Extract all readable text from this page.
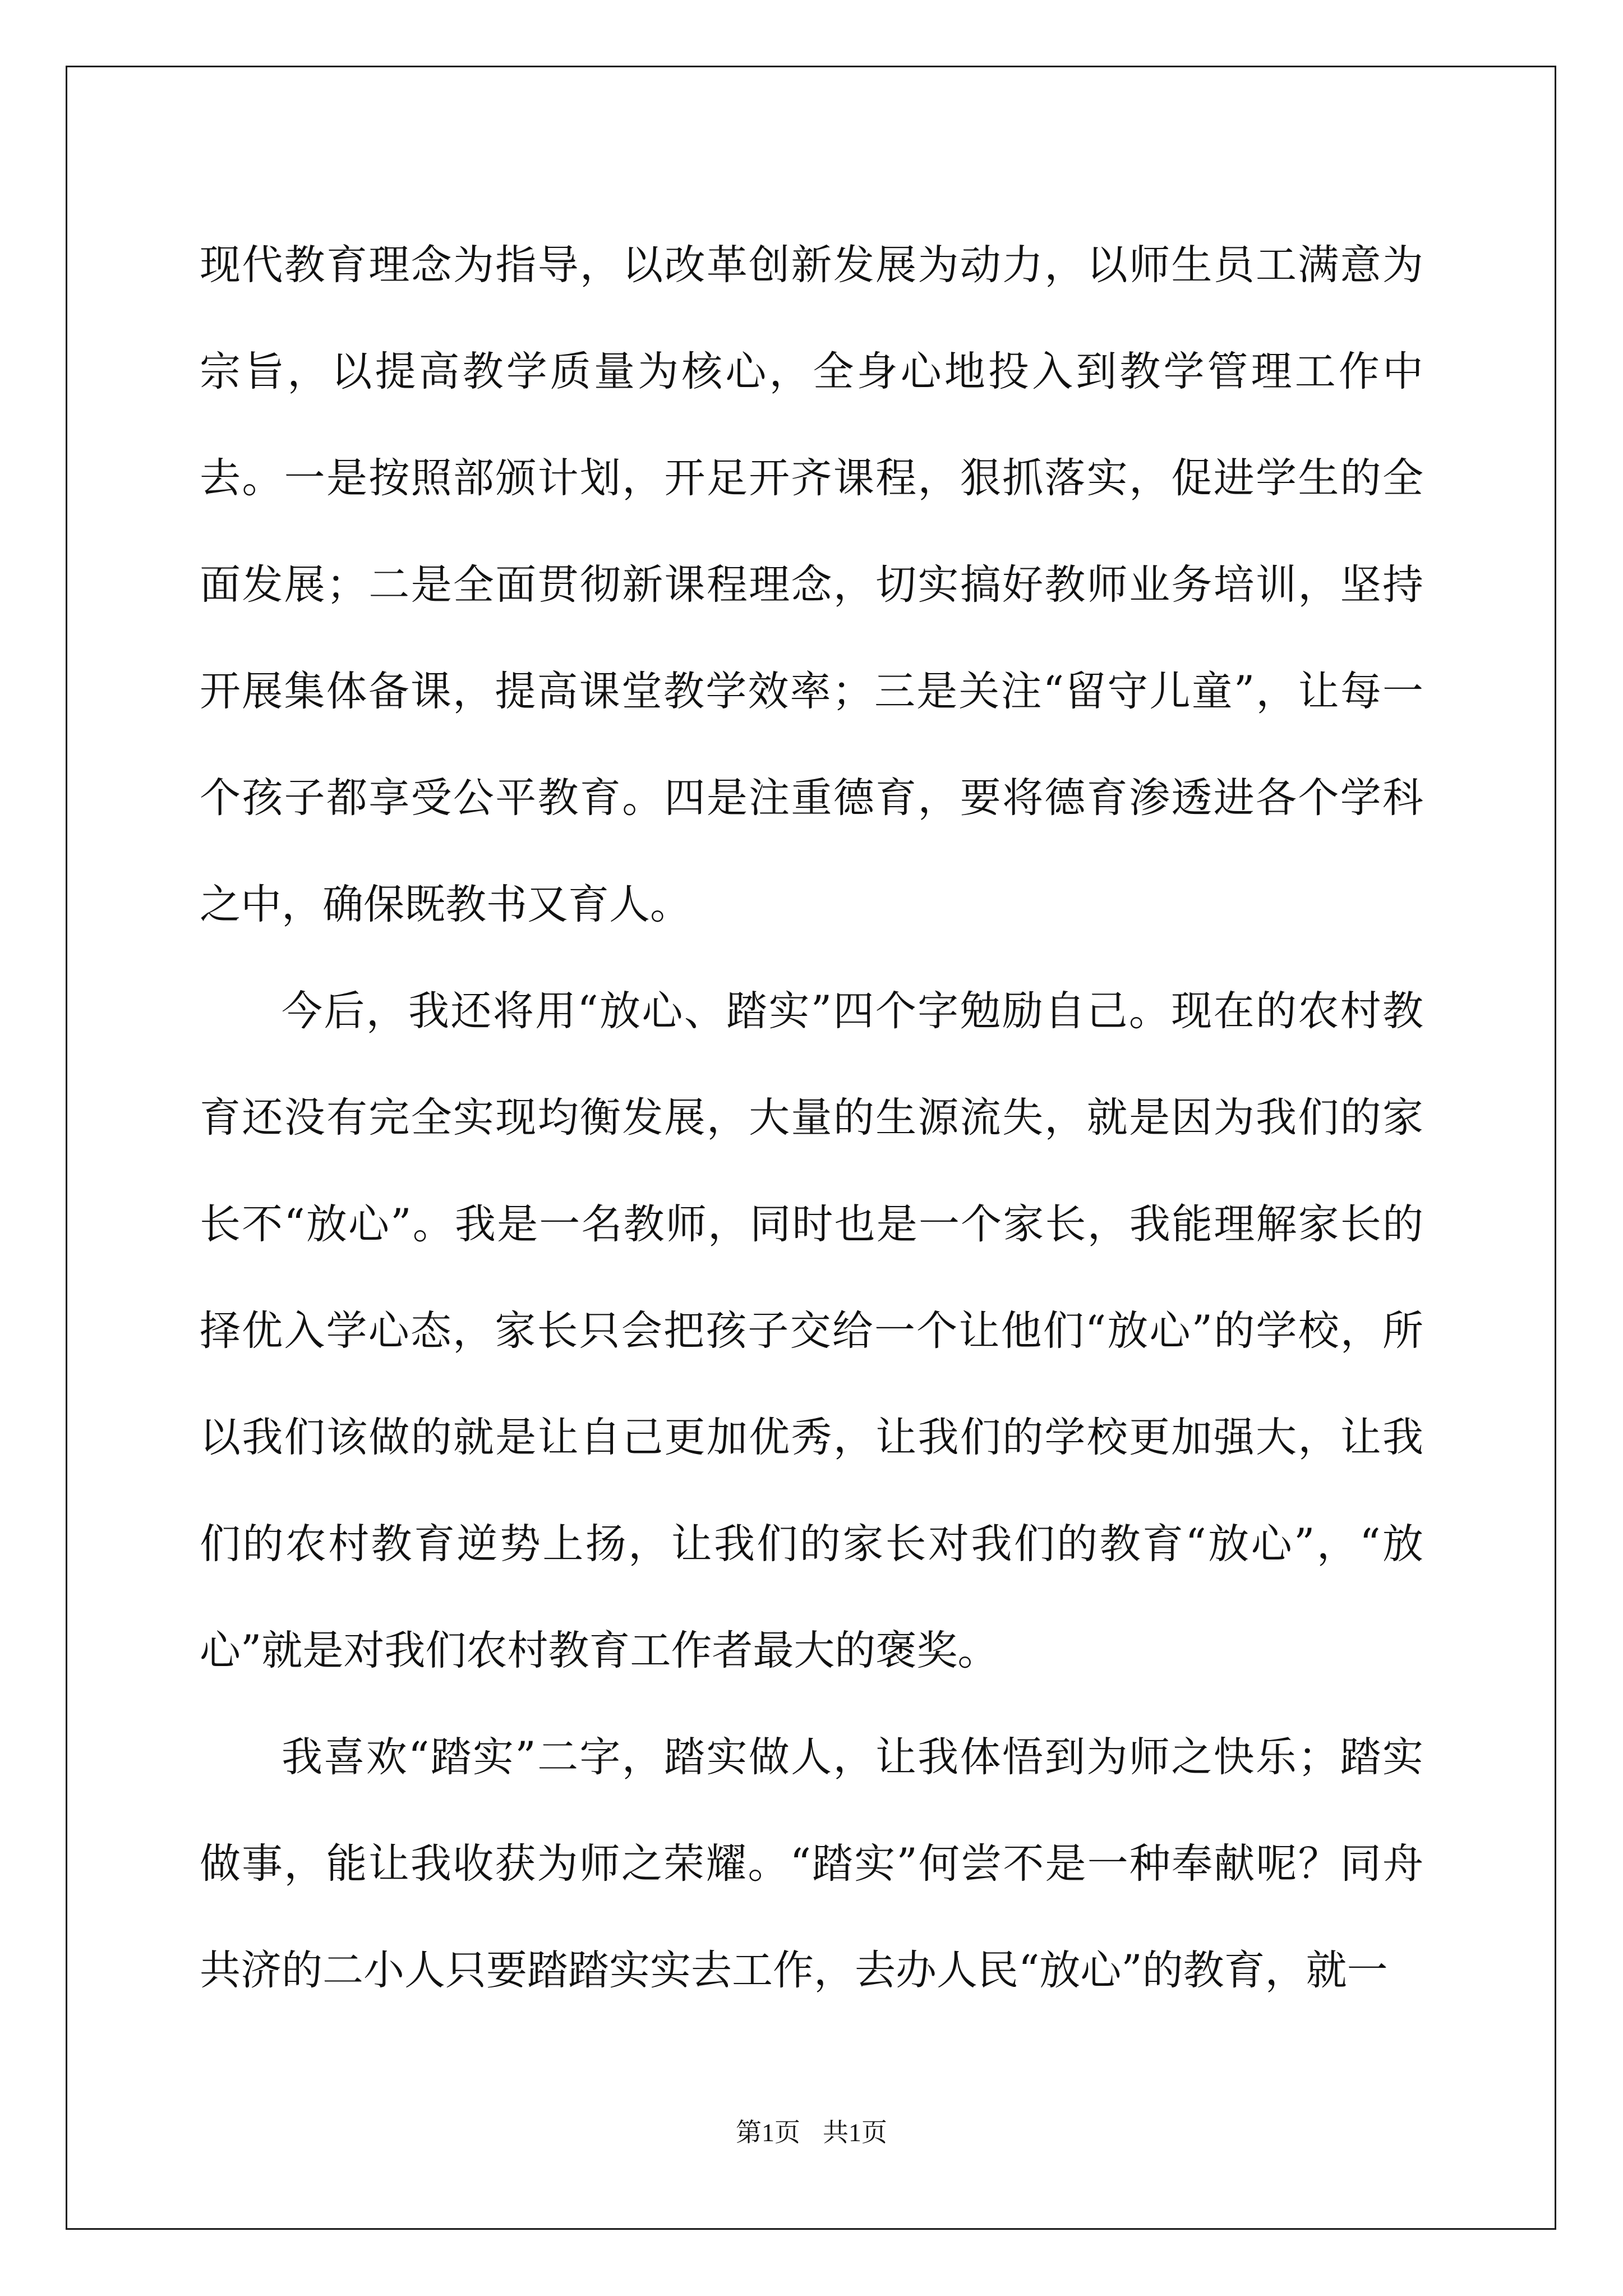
现代教育理念为指导，以改革创新发展为动力，以师生员工满意为宗旨，以提高教学质量为核心，全身心地投入到教学管理工作中去。一是按照部颁计划，开足开齐课程，狠抓落实，促进学生的全面发展；二是全面贯彻新课程理念，切实搞好教师业务培训，坚持开展集体备课，提高课堂教学效率；三是关注“留守儿童”，让每一个孩子都享受公平教育。四是注重德育，要将德育渗透进各个学科之中，确保既教书又育人。

今后，我还将用“放心、踏实”四个字勉励自己。现在的农村教育还没有完全实现均衡发展，大量的生源流失，就是因为我们的家长不“放心”。我是一名教师，同时也是一个家长，我能理解家长的择优入学心态，家长只会把孩子交给一个让他们“放心”的学校，所以我们该做的就是让自己更加优秀，让我们的学校更加强大，让我们的农村教育逆势上扬，让我们的家长对我们的教育“放心”，“放心”就是对我们农村教育工作者最大的褒奖。

我喜欢“踏实”二字，踏实做人，让我体悟到为师之快乐；踏实做事，能让我收获为师之荣耀。“踏实”何尝不是一种奉献呢？同舟共济的二小人只要踏踏实实去工作，去办人民“放心”的教育，就一

第1页 共1页
